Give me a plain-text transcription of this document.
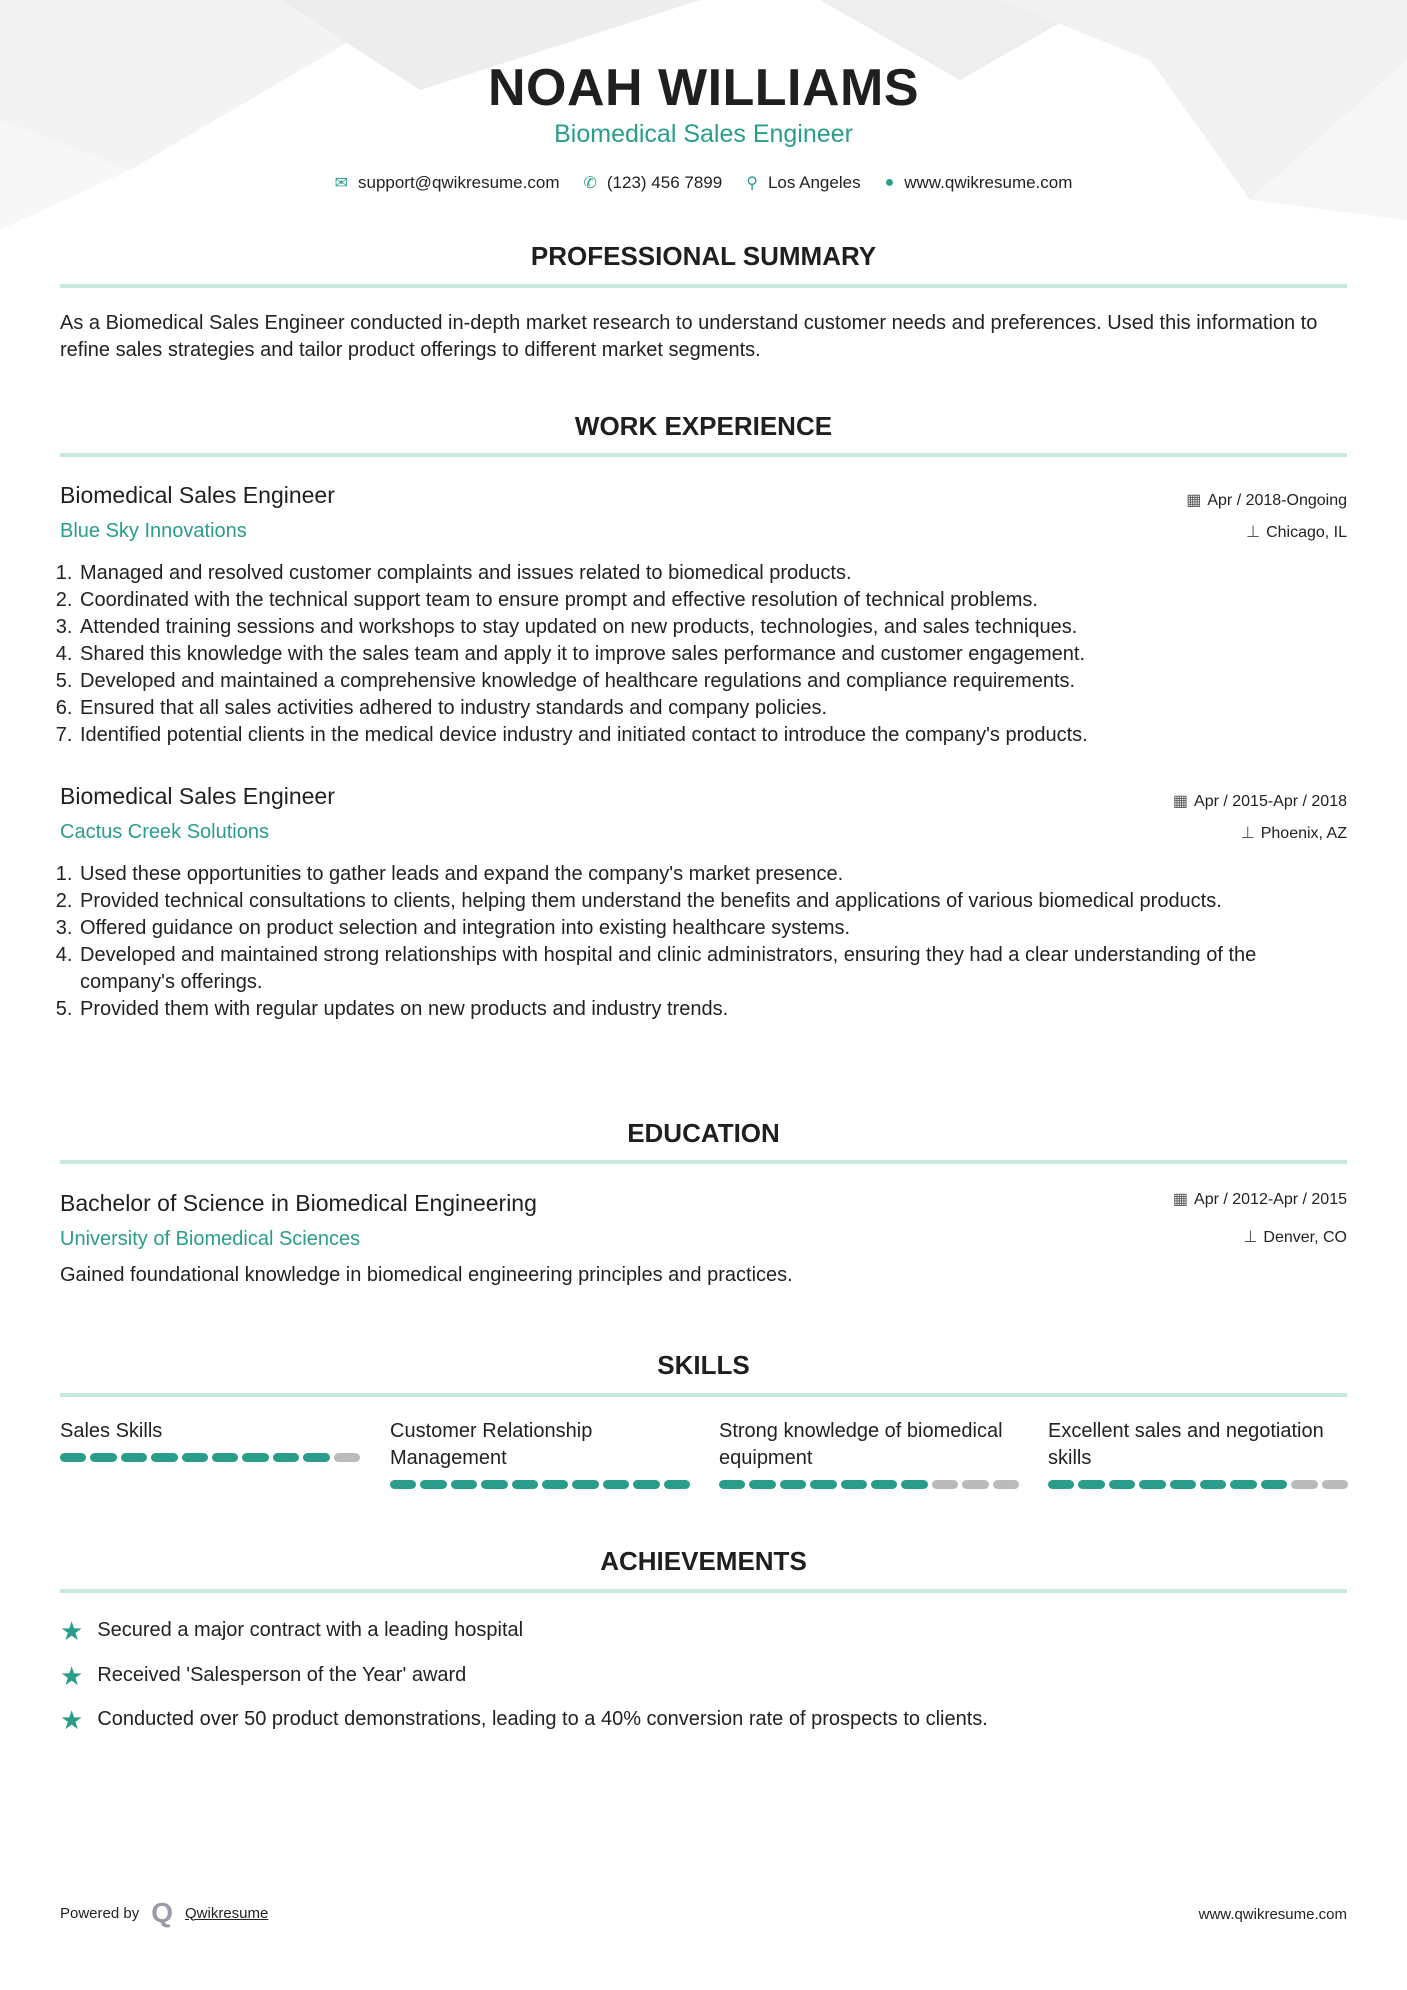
NOAH WILLIAMS
Biomedical Sales Engineer
✉ support@qwikresume.com ✆ (123) 456 7899 ⚲ Los Angeles ● www.qwikresume.com
PROFESSIONAL SUMMARY
As a Biomedical Sales Engineer conducted in-depth market research to understand customer needs and preferences. Used this information to refine sales strategies and tailor product offerings to different market segments.
WORK EXPERIENCE
Biomedical Sales Engineer
Blue Sky Innovations
▦ Apr / 2018-Ongoing
⊥ Chicago, IL
1. Managed and resolved customer complaints and issues related to biomedical products.
2. Coordinated with the technical support team to ensure prompt and effective resolution of technical problems.
3. Attended training sessions and workshops to stay updated on new products, technologies, and sales techniques.
4. Shared this knowledge with the sales team and apply it to improve sales performance and customer engagement.
5. Developed and maintained a comprehensive knowledge of healthcare regulations and compliance requirements.
6. Ensured that all sales activities adhered to industry standards and company policies.
7. Identified potential clients in the medical device industry and initiated contact to introduce the company's products.
Biomedical Sales Engineer
Cactus Creek Solutions
▦ Apr / 2015-Apr / 2018
⊥ Phoenix, AZ
1. Used these opportunities to gather leads and expand the company's market presence.
2. Provided technical consultations to clients, helping them understand the benefits and applications of various biomedical products.
3. Offered guidance on product selection and integration into existing healthcare systems.
4. Developed and maintained strong relationships with hospital and clinic administrators, ensuring they had a clear understanding of the company's offerings.
5. Provided them with regular updates on new products and industry trends.
EDUCATION
Bachelor of Science in Biomedical Engineering
University of Biomedical Sciences
▦ Apr / 2012-Apr / 2015
⊥ Denver, CO
Gained foundational knowledge in biomedical engineering principles and practices.
SKILLS
Sales Skills	Customer Relationship Management
Strong knowledge of biomedical equipment
Excellent sales and negotiation skills
ACHIEVEMENTS
★ Secured a major contract with a leading hospital
★ Received 'Salesperson of the Year' award
★ Conducted over 50 product demonstrations, leading to a 40% conversion rate of prospects to clients.
Powered by Q Qwikresume	www.qwikresume.com
